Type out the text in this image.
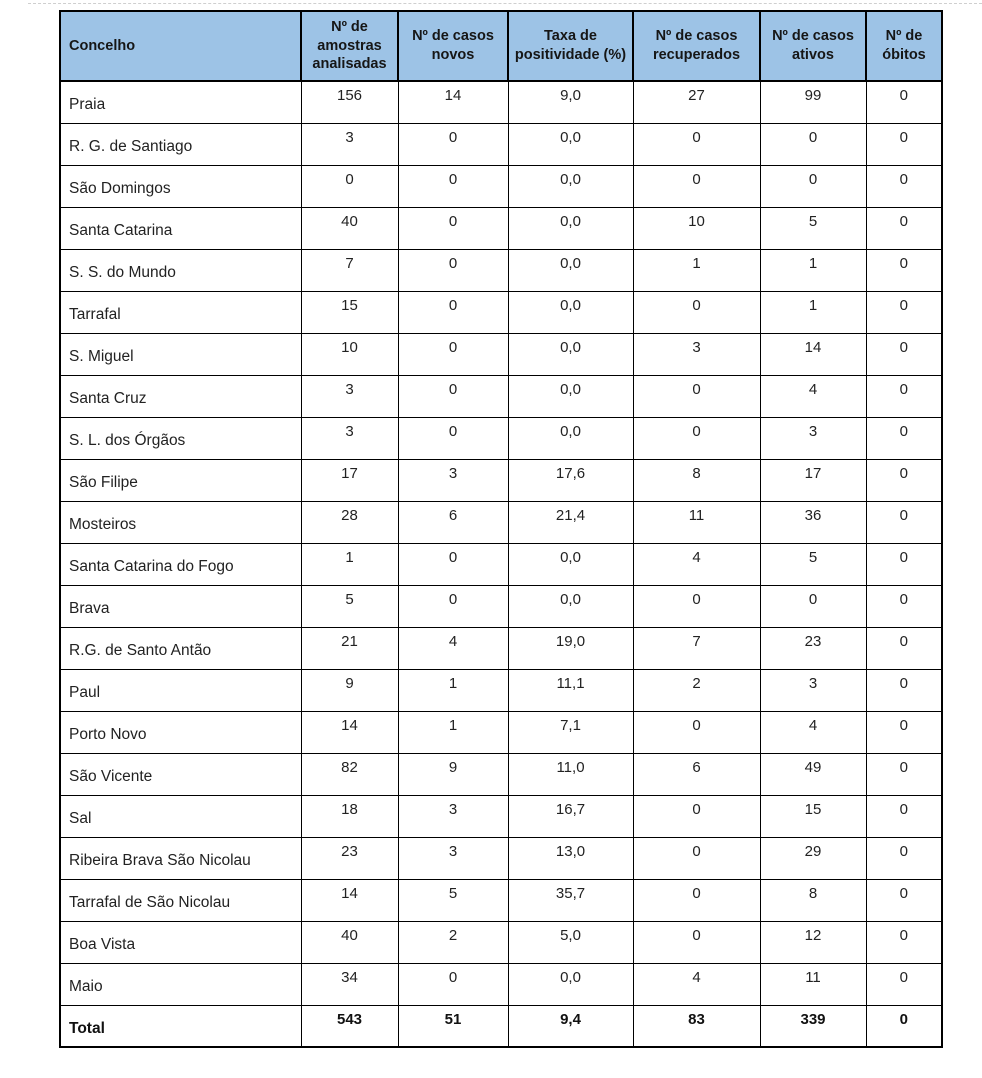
Concelho	Nº de amostras analisadas	Nº de casos novos	Taxa de positividade (%)	Nº de casos recuperados	Nº de casos ativos	Nº de óbitos
Praia	156	14	9,0	27	99	0
R. G. de Santiago	3	0	0,0	0	0	0
São Domingos	0	0	0,0	0	0	0
Santa Catarina	40	0	0,0	10	5	0
S. S. do Mundo	7	0	0,0	1	1	0
Tarrafal	15	0	0,0	0	1	0
S. Miguel	10	0	0,0	3	14	0
Santa Cruz	3	0	0,0	0	4	0
S. L. dos Órgãos	3	0	0,0	0	3	0
São Filipe	17	3	17,6	8	17	0
Mosteiros	28	6	21,4	11	36	0
Santa Catarina do Fogo	1	0	0,0	4	5	0
Brava	5	0	0,0	0	0	0
R.G. de Santo Antão	21	4	19,0	7	23	0
Paul	9	1	11,1	2	3	0
Porto Novo	14	1	7,1	0	4	0
São Vicente	82	9	11,0	6	49	0
Sal	18	3	16,7	0	15	0
Ribeira Brava São Nicolau	23	3	13,0	0	29	0
Tarrafal de São Nicolau	14	5	35,7	0	8	0
Boa Vista	40	2	5,0	0	12	0
Maio	34	0	0,0	4	11	0
Total	543	51	9,4	83	339	0
